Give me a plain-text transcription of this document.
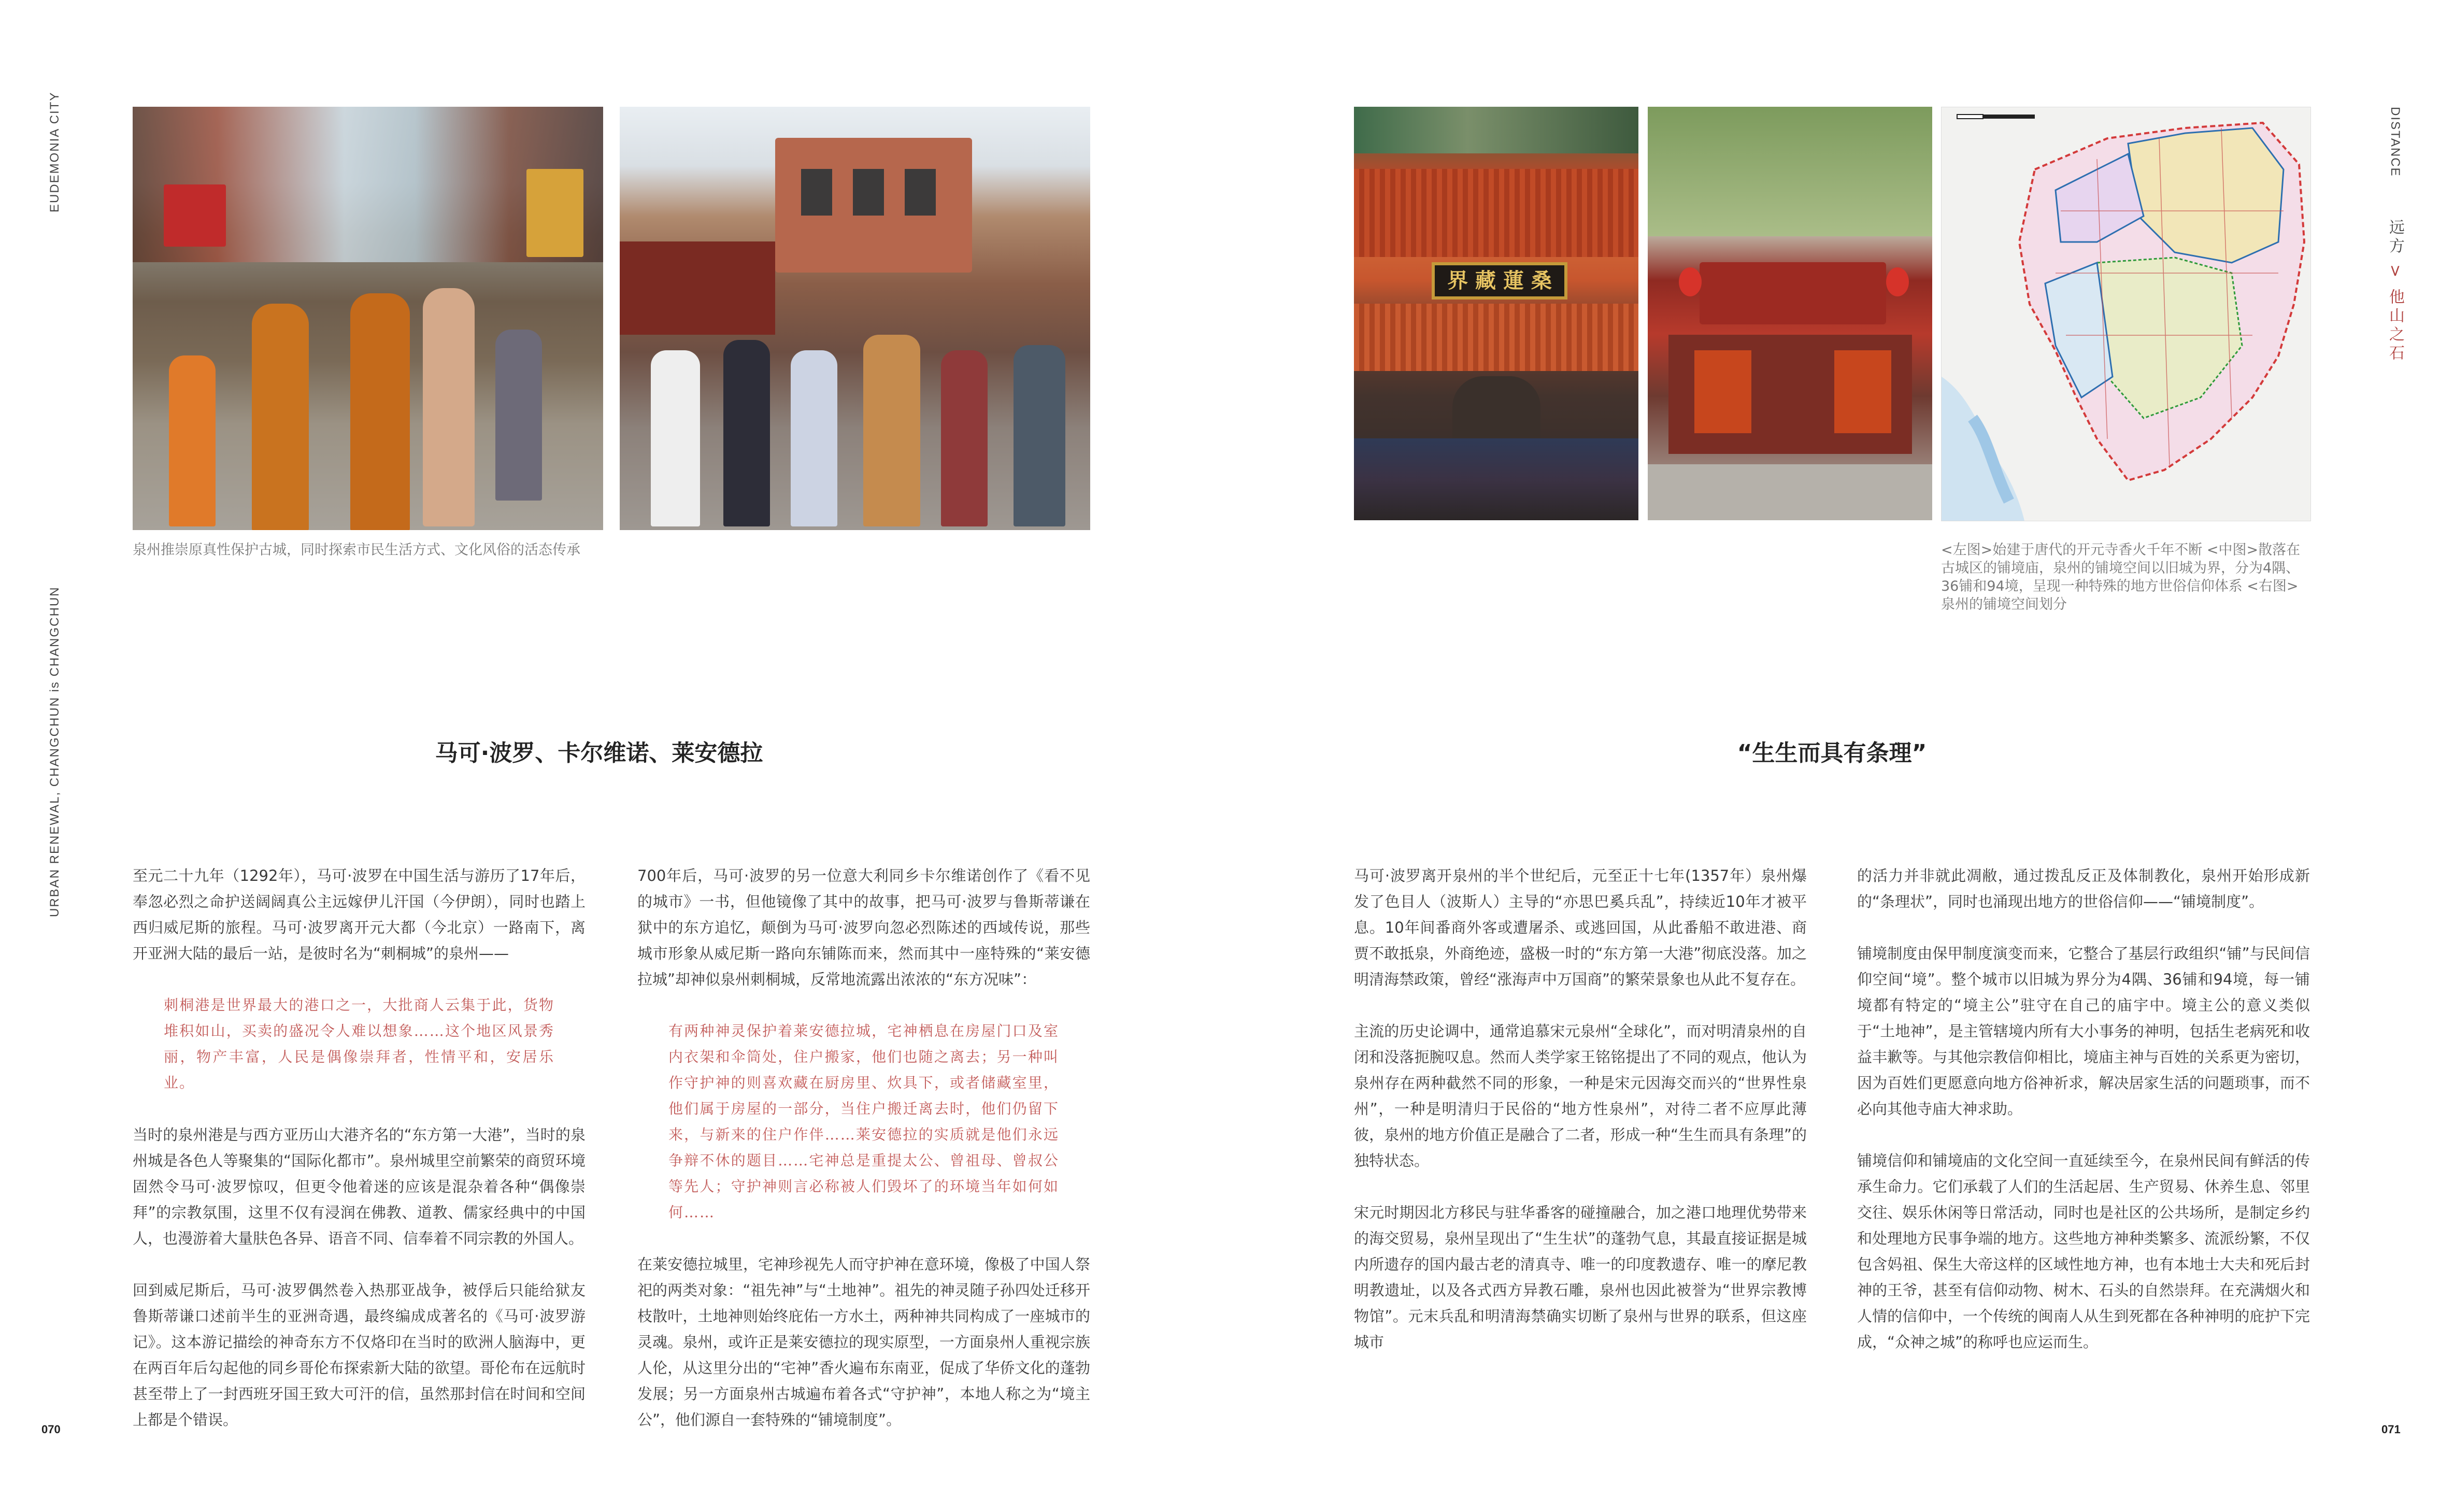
EUDEMONIA CITY
URBAN RENEWAL, CHANGCHUN is CHANGCHUN
泉州推崇原真性保护古城，同时探索市民生活方式、文化风俗的活态传承
马可·波罗、卡尔维诺、莱安德拉

至元二十九年（1292年），马可·波罗在中国生活与游历了17年后，奉忽必烈之命护送阔阔真公主远嫁伊儿汗国（今伊朗），同时也踏上西归威尼斯的旅程。马可·波罗离开元大都（今北京）一路南下，离开亚洲大陆的最后一站，是彼时名为“刺桐城”的泉州——

刺桐港是世界最大的港口之一，大批商人云集于此，货物堆积如山，买卖的盛况令人难以想象……这个地区风景秀丽，物产丰富，人民是偶像崇拜者，性情平和，安居乐业。

当时的泉州港是与西方亚历山大港齐名的“东方第一大港”，当时的泉州城是各色人等聚集的“国际化都市”。泉州城里空前繁荣的商贸环境固然令马可·波罗惊叹，但更令他着迷的应该是混杂着各种“偶像崇拜”的宗教氛围，这里不仅有浸润在佛教、道教、儒家经典中的中国人，也漫游着大量肤色各异、语音不同、信奉着不同宗教的外国人。

回到威尼斯后，马可·波罗偶然卷入热那亚战争，被俘后只能给狱友鲁斯蒂谦口述前半生的亚洲奇遇，最终编成成著名的《马可·波罗游记》。这本游记描绘的神奇东方不仅烙印在当时的欧洲人脑海中，更在两百年后勾起他的同乡哥伦布探索新大陆的欲望。哥伦布在远航时甚至带上了一封西班牙国王致大可汗的信，虽然那封信在时间和空间上都是个错误。

700年后，马可·波罗的另一位意大利同乡卡尔维诺创作了《看不见的城市》一书，但他镜像了其中的故事，把马可·波罗与鲁斯蒂谦在狱中的东方追忆，颠倒为马可·波罗向忽必烈陈述的西域传说，那些城市形象从威尼斯一路向东铺陈而来，然而其中一座特殊的“莱安德拉城”却神似泉州刺桐城，反常地流露出浓浓的“东方况味”：

有两种神灵保护着莱安德拉城，宅神栖息在房屋门口及室内衣架和伞筒处，住户搬家，他们也随之离去；另一种叫作守护神的则喜欢藏在厨房里、炊具下，或者储藏室里，他们属于房屋的一部分，当住户搬迁离去时，他们仍留下来，与新来的住户作伴……莱安德拉的实质就是他们永远争辩不休的题目……宅神总是重提太公、曾祖母、曾叔公等先人；守护神则言必称被人们毁坏了的环境当年如何如何……

在莱安德拉城里，宅神珍视先人而守护神在意环境，像极了中国人祭祀的两类对象：“祖先神”与“土地神”。祖先的神灵随子孙四处迁移开枝散叶，土地神则始终庇佑一方水土，两种神共同构成了一座城市的灵魂。泉州，或许正是莱安德拉的现实原型，一方面泉州人重视宗族人伦，从这里分出的“宅神”香火遍布东南亚，促成了华侨文化的蓬勃发展；另一方面泉州古城遍布着各式“守护神”，本地人称之为“境主公”，他们源自一套特殊的“铺境制度”。

070
界 藏 蓮 桑
<左图>始建于唐代的开元寺香火千年不断 <中图>散落在古城区的铺境庙，泉州的铺境空间以旧城为界，分为4隅、36铺和94境，呈现一种特殊的地方世俗信仰体系 <右图>泉州的铺境空间划分
“生生而具有条理”

马可·波罗离开泉州的半个世纪后，元至正十七年(1357年）泉州爆发了色目人（波斯人）主导的“亦思巴奚兵乱”，持续近10年才被平息。10年间番商外客或遭屠杀、或逃回国，从此番船不敢进港、商贾不敢抵泉，外商绝迹，盛极一时的“东方第一大港”彻底没落。加之明清海禁政策，曾经“涨海声中万国商”的繁荣景象也从此不复存在。

主流的历史论调中，通常追慕宋元泉州“全球化”，而对明清泉州的自闭和没落扼腕叹息。然而人类学家王铭铭提出了不同的观点，他认为泉州存在两种截然不同的形象，一种是宋元因海交而兴的“世界性泉州”，一种是明清归于民俗的“地方性泉州”，对待二者不应厚此薄彼，泉州的地方价值正是融合了二者，形成一种“生生而具有条理”的独特状态。

宋元时期因北方移民与驻华番客的碰撞融合，加之港口地理优势带来的海交贸易，泉州呈现出了“生生状”的蓬勃气息，其最直接证据是城内所遗存的国内最古老的清真寺、唯一的印度教遗存、唯一的摩尼教明教遗址，以及各式西方异教石雕，泉州也因此被誉为“世界宗教博物馆”。元末兵乱和明清海禁确实切断了泉州与世界的联系，但这座城市

的活力并非就此凋敝，通过拨乱反正及体制教化，泉州开始形成新的“条理状”，同时也涌现出地方的世俗信仰——“铺境制度”。

铺境制度由保甲制度演变而来，它整合了基层行政组织“铺”与民间信仰空间“境”。整个城市以旧城为界分为4隅、36铺和94境，每一铺境都有特定的“境主公”驻守在自己的庙宇中。境主公的意义类似于“土地神”，是主管辖境内所有大小事务的神明，包括生老病死和收益丰歉等。与其他宗教信仰相比，境庙主神与百姓的关系更为密切，因为百姓们更愿意向地方俗神祈求，解决居家生活的问题琐事，而不必向其他寺庙大神求助。

铺境信仰和铺境庙的文化空间一直延续至今，在泉州民间有鲜活的传承生命力。它们承载了人们的生活起居、生产贸易、休养生息、邻里交往、娱乐休闲等日常活动，同时也是社区的公共场所，是制定乡约和处理地方民事争端的地方。这些地方神种类繁多、流派纷繁，不仅包含妈祖、保生大帝这样的区域性地方神，也有本地士大夫和死后封神的王爷，甚至有信仰动物、树木、石头的自然崇拜。在充满烟火和人情的信仰中，一个传统的闽南人从生到死都在各种神明的庇护下完成，“众神之城”的称呼也应运而生。

DISTANCE  远方 > 他山之石
071
